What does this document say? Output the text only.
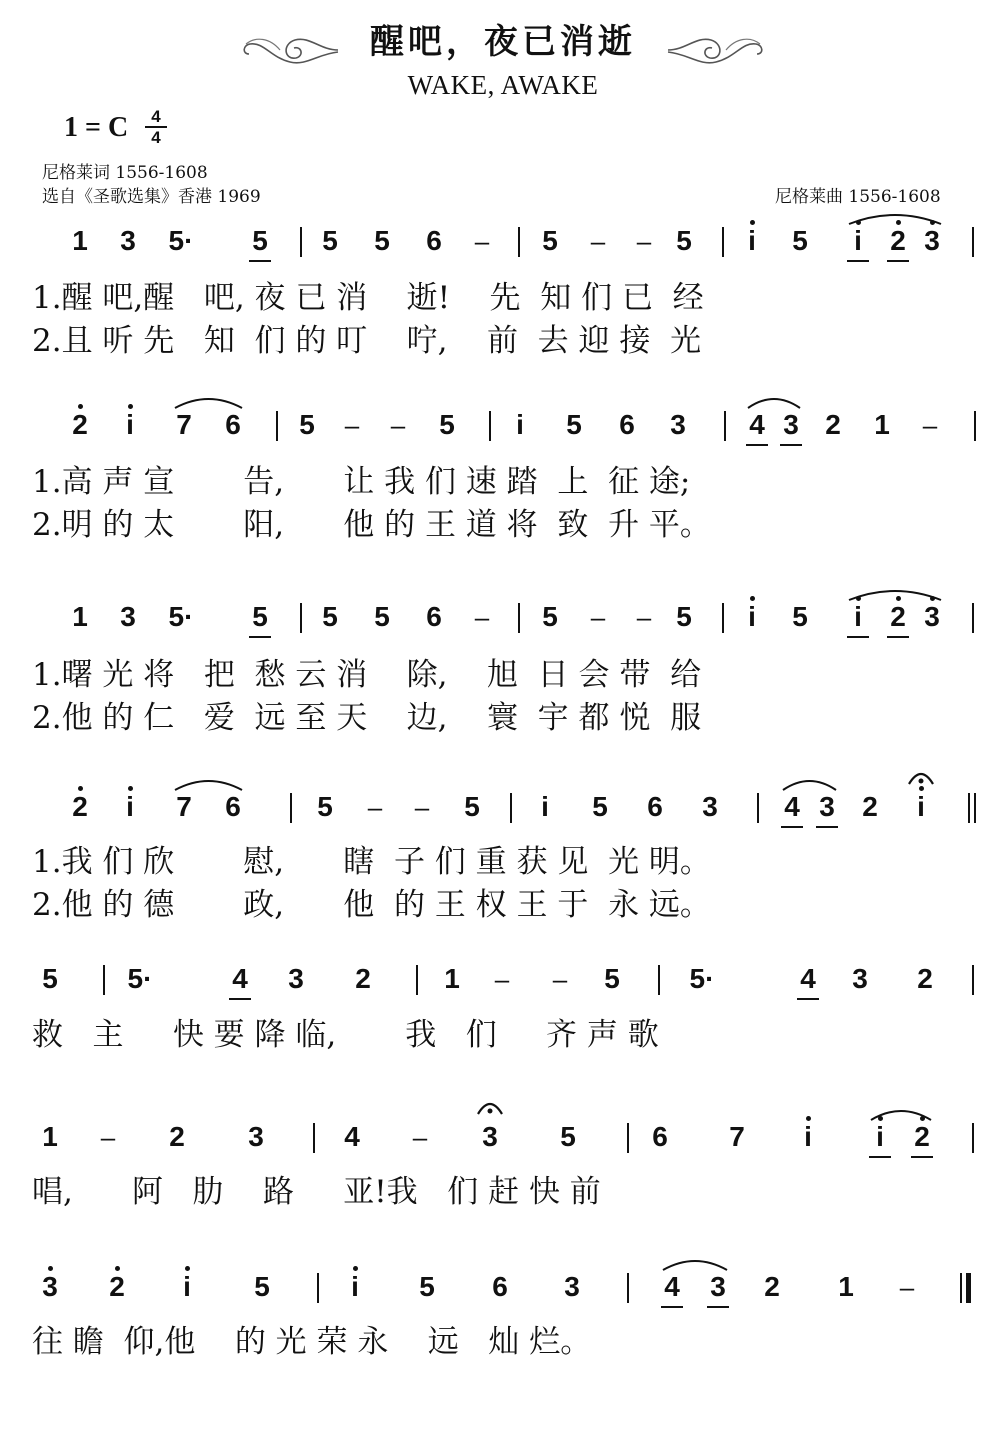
醒吧，夜已消逝
WAKE, AWAKE
1 = C	4
4
尼格莱词 1556-1608
选自《圣歌选集》香港 1969	尼格莱曲 1556-1608
1	3	5·	5	5	5	6	–	5	– – 5	i	5	i	2 3
1.醒 吧,醒   吧, 夜 已 消    逝!    先  知 们 已  经
2.且 听 先   知  们 的 叮    咛,    前  去 迎 接  光
2	i	7	6	5	– –	5	i	5	6	3	4 3 2	1	–
1.高 声 宣       告,      让 我 们 速 踏  上  征 途;
2.明 的 太       阳,      他 的 王 道 将  致  升 平。
1	3	5·	5	5	5	6	–	5	– – 5	i	5	i	2 3
1.曙 光 将   把  愁 云 消    除,    旭  日 会 带  给
2.他 的 仁   爱  远 至 天    边,    寰  宇 都 悦  服
2	i	7	6	5	– –	5	i	5	6	3	4 3 2	i
1.我 们 欣       慰,      瞎  子 们 重 获 见  光 明。
2.他 的 德       政,      他  的 王 权 王 于  永 远。
5	5·	4	3	2	1	– –	5	5·	4	3	2
救   主     快 要 降 临,       我   们     齐 声 歌
1	–	2	3	4	–	3	5	6	7	i	i	2
唱,      阿   肋    路     亚!我   们 赶 快 前
3	2	i	5	i	5	6	3	4	3	2	1	–
往 瞻  仰,他    的 光 荣 永    远   灿 烂。
